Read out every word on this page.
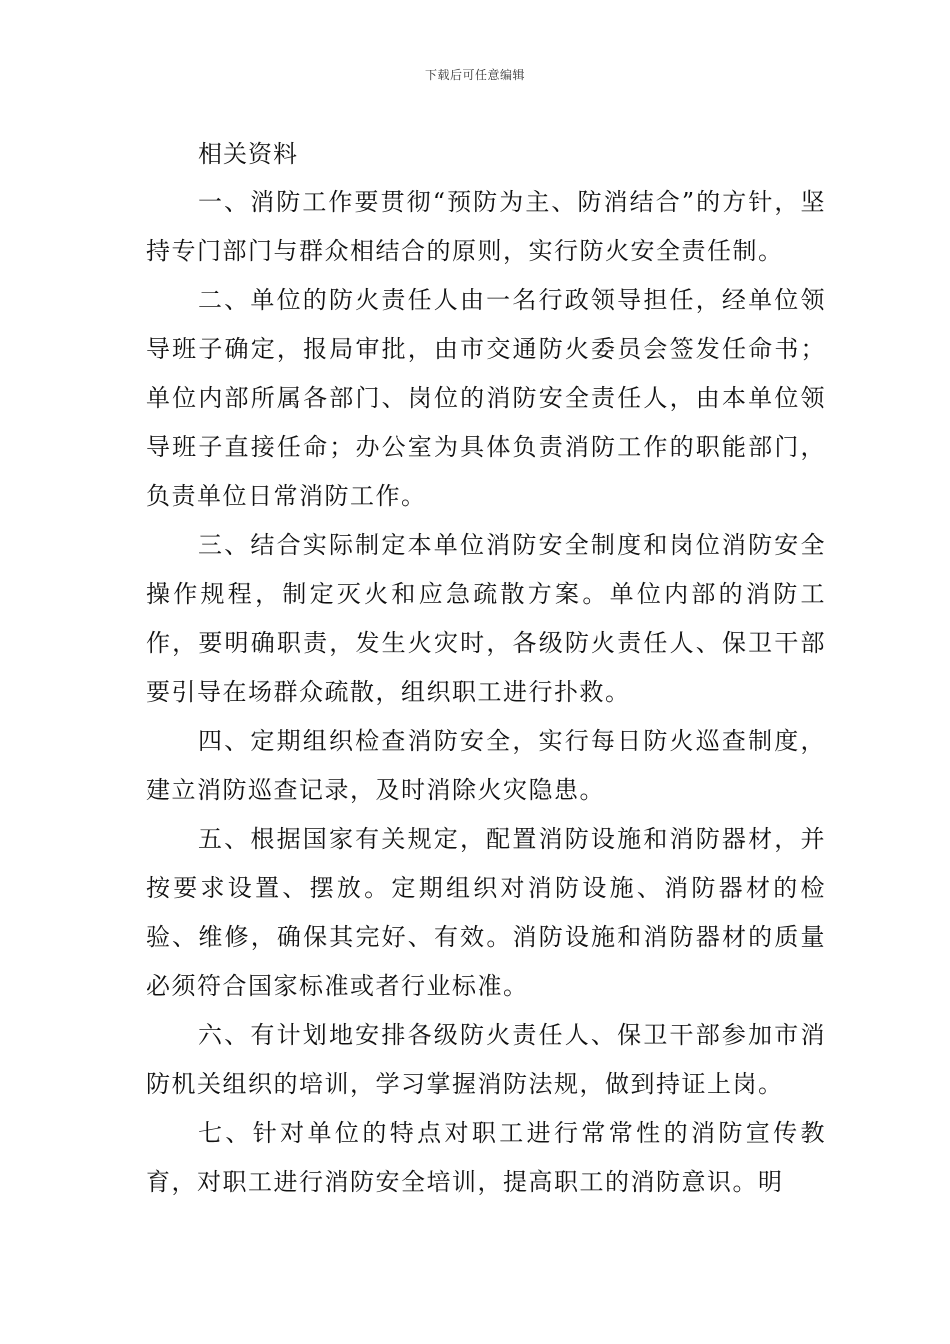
下载后可任意编辑

相关资料

一、消防工作要贯彻“预防为主、防消结合”的方针，坚持专门部门与群众相结合的原则，实行防火安全责任制。

二、单位的防火责任人由一名行政领导担任，经单位领导班子确定，报局审批，由市交通防火委员会签发任命书；单位内部所属各部门、岗位的消防安全责任人，由本单位领导班子直接任命；办公室为具体负责消防工作的职能部门，负责单位日常消防工作。

三、结合实际制定本单位消防安全制度和岗位消防安全操作规程，制定灭火和应急疏散方案。单位内部的消防工作，要明确职责，发生火灾时，各级防火责任人、保卫干部要引导在场群众疏散，组织职工进行扑救。

四、定期组织检查消防安全，实行每日防火巡查制度，建立消防巡查记录，及时消除火灾隐患。

五、根据国家有关规定，配置消防设施和消防器材，并按要求设置、摆放。定期组织对消防设施、消防器材的检验、维修，确保其完好、有效。消防设施和消防器材的质量必须符合国家标准或者行业标准。

六、有计划地安排各级防火责任人、保卫干部参加市消防机关组织的培训，学习掌握消防法规，做到持证上岗。

七、针对单位的特点对职工进行常常性的消防宣传教育，对职工进行消防安全培训，提高职工的消防意识。明
